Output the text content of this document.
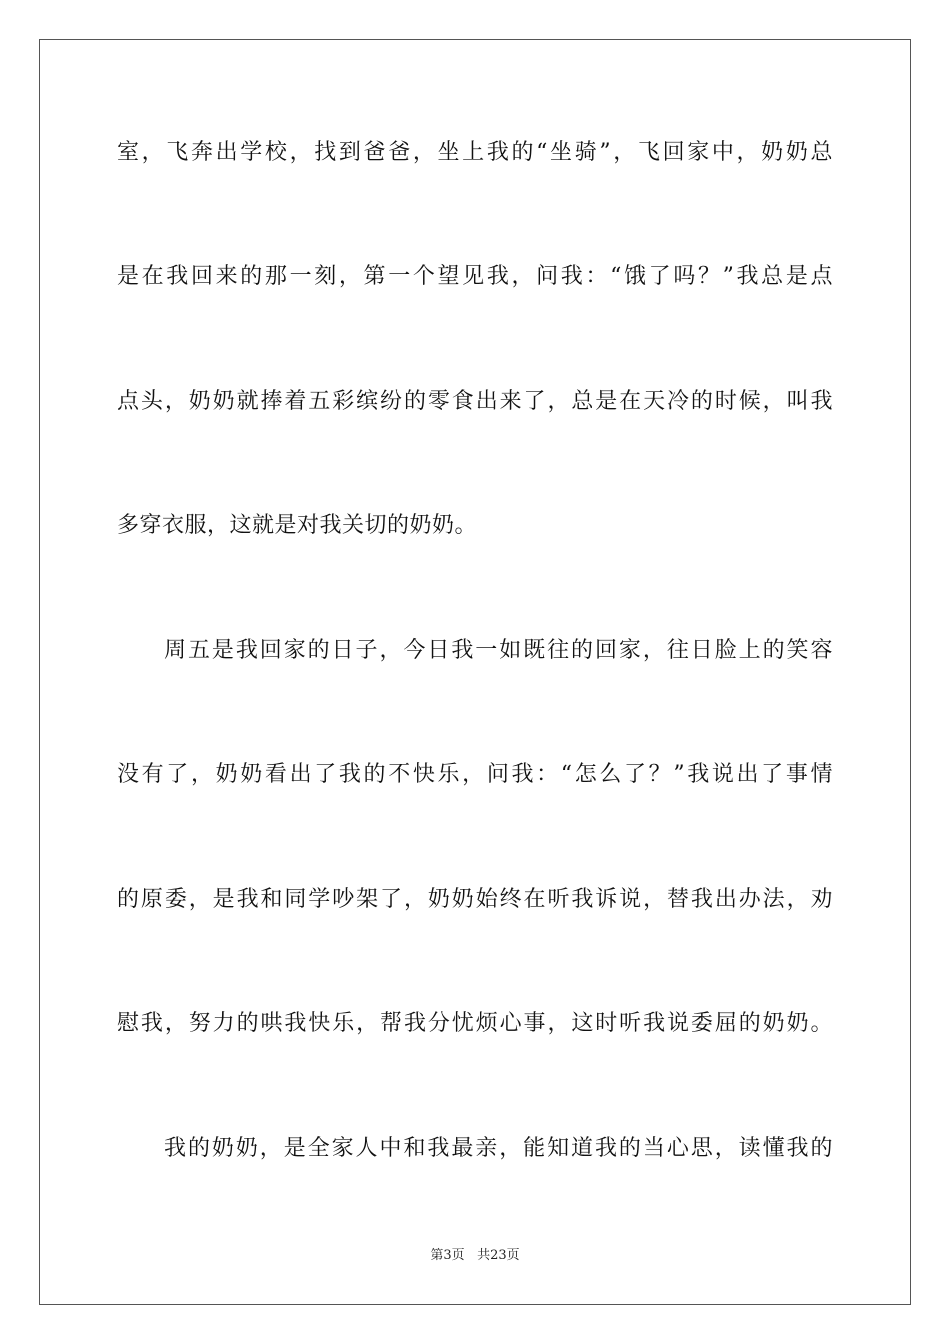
室，飞奔出学校，找到爸爸，坐上我的“坐骑”，飞回家中，奶奶总
是在我回来的那一刻，第一个望见我，问我：“饿了吗？”我总是点
点头，奶奶就捧着五彩缤纷的零食出来了，总是在天冷的时候，叫我
多穿衣服，这就是对我关切的奶奶。
周五是我回家的日子，今日我一如既往的回家，往日脸上的笑容
没有了，奶奶看出了我的不快乐，问我：“怎么了？”我说出了事情
的原委，是我和同学吵架了，奶奶始终在听我诉说，替我出办法，劝
慰我，努力的哄我快乐，帮我分忧烦心事，这时听我说委屈的奶奶。
我的奶奶，是全家人中和我最亲，能知道我的当心思，读懂我的
第3页 共23页
